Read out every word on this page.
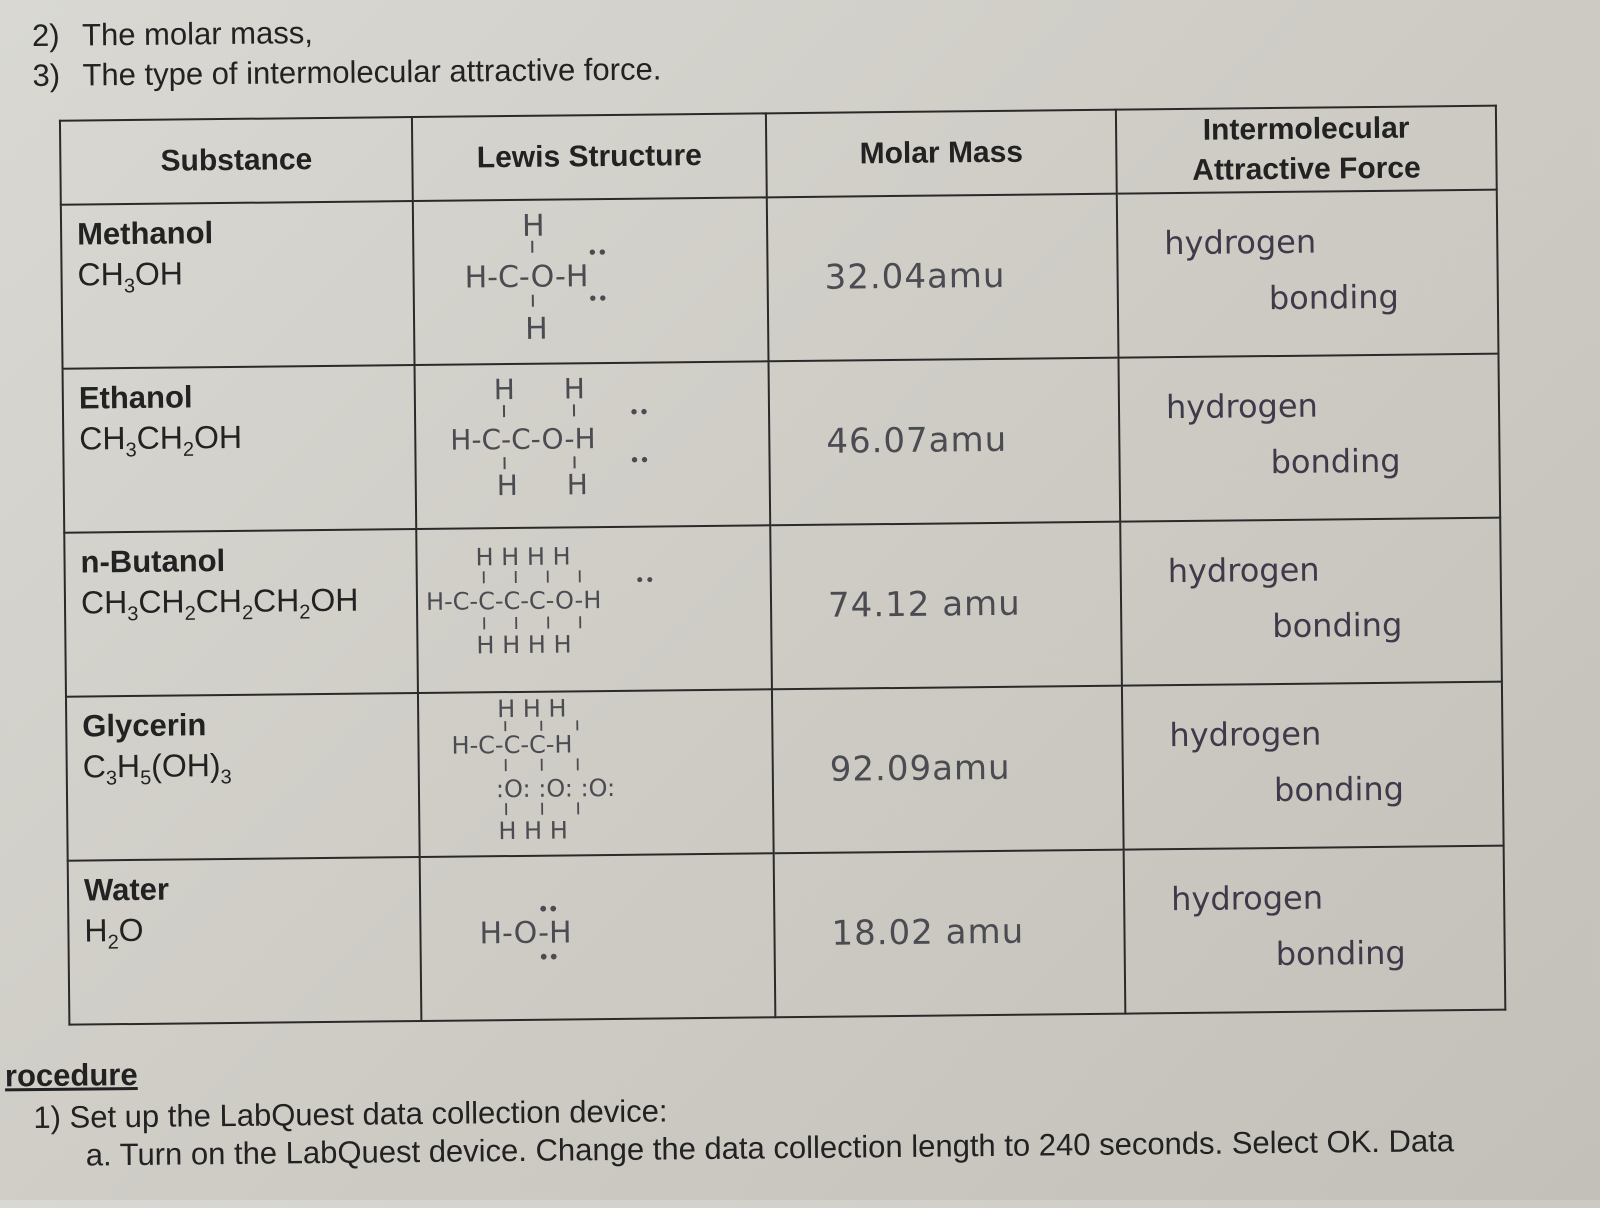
2) The molar mass,
3) The type of intermolecular attractive force.
Substance	Lewis Structure	Molar Mass	Intermolecular
Attractive Force

Methanol
$CH_3OH$	H
H-C-O-H
H	32.04amu	hydrogen
bonding

Ethanol
$CH_3CH_2OH$	H H
H-C-C-O-H
H H	46.07amu	hydrogen
bonding

n-Butanol
$CH_3CH_2CH_2CH_2OH$	H H H H
H-C-C-C-C-O-H
H H H H	74.12 amu	hydrogen
bonding

Glycerin
$C_3H_5(OH)_3$	H H H
H-C-C-C-H
:O: :O: :O:
H H H	92.09amu	hydrogen
bonding

Water
$H_2O$	H-O-H	18.02 amu	hydrogen
bonding
rocedure
1) Set up the LabQuest data collection device:
a. Turn on the LabQuest device. Change the data collection length to 240 seconds. Select OK. Data
